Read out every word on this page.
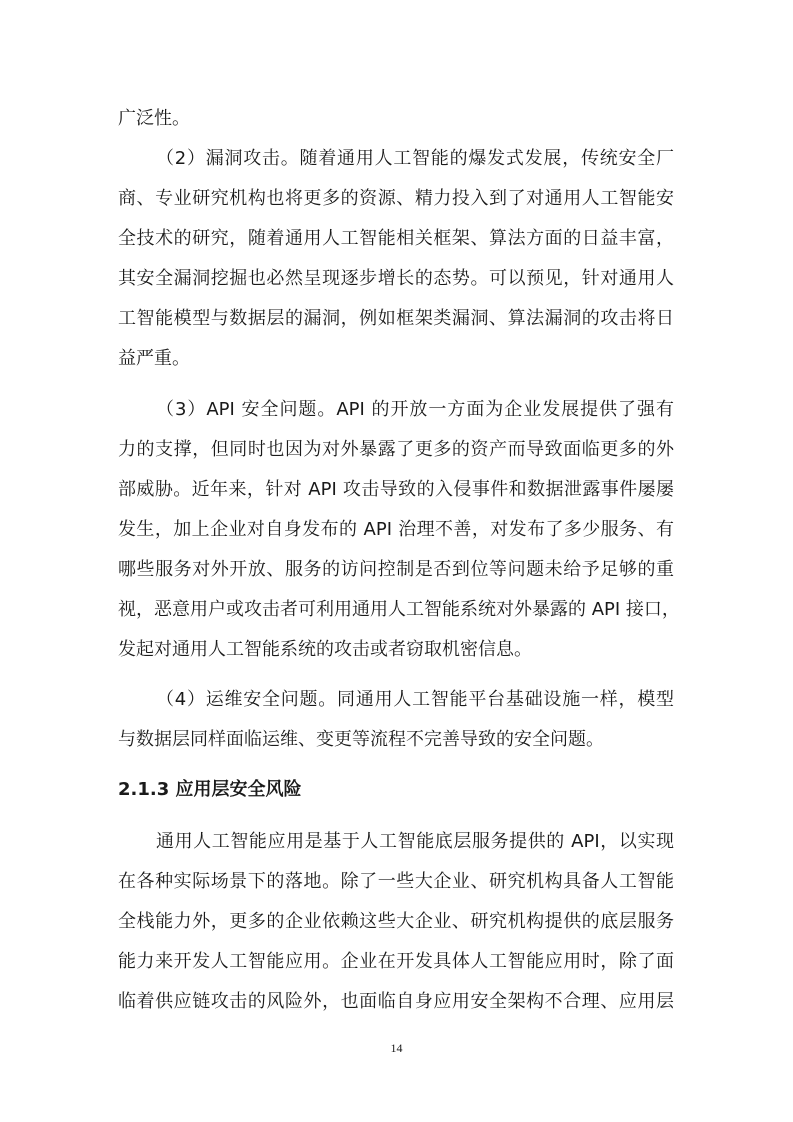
广泛性。
（2）漏洞攻击。随着通用人工智能的爆发式发展，传统安全厂
商、专业研究机构也将更多的资源、精力投入到了对通用人工智能安
全技术的研究，随着通用人工智能相关框架、算法方面的日益丰富，
其安全漏洞挖掘也必然呈现逐步增长的态势。可以预见，针对通用人
工智能模型与数据层的漏洞，例如框架类漏洞、算法漏洞的攻击将日
益严重。
（3）API 安全问题。API 的开放一方面为企业发展提供了强有
力的支撑，但同时也因为对外暴露了更多的资产而导致面临更多的外
部威胁。近年来，针对 API 攻击导致的入侵事件和数据泄露事件屡屡
发生，加上企业对自身发布的 API 治理不善，对发布了多少服务、有
哪些服务对外开放、服务的访问控制是否到位等问题未给予足够的重
视，恶意用户或攻击者可利用通用人工智能系统对外暴露的 API 接口，
发起对通用人工智能系统的攻击或者窃取机密信息。
（4）运维安全问题。同通用人工智能平台基础设施一样，模型
与数据层同样面临运维、变更等流程不完善导致的安全问题。
通用人工智能应用是基于人工智能底层服务提供的 API，以实现
在各种实际场景下的落地。除了一些大企业、研究机构具备人工智能
全栈能力外，更多的企业依赖这些大企业、研究机构提供的底层服务
能力来开发人工智能应用。企业在开发具体人工智能应用时，除了面
临着供应链攻击的风险外，也面临自身应用安全架构不合理、应用层
2.1.3 应用层安全风险
14
